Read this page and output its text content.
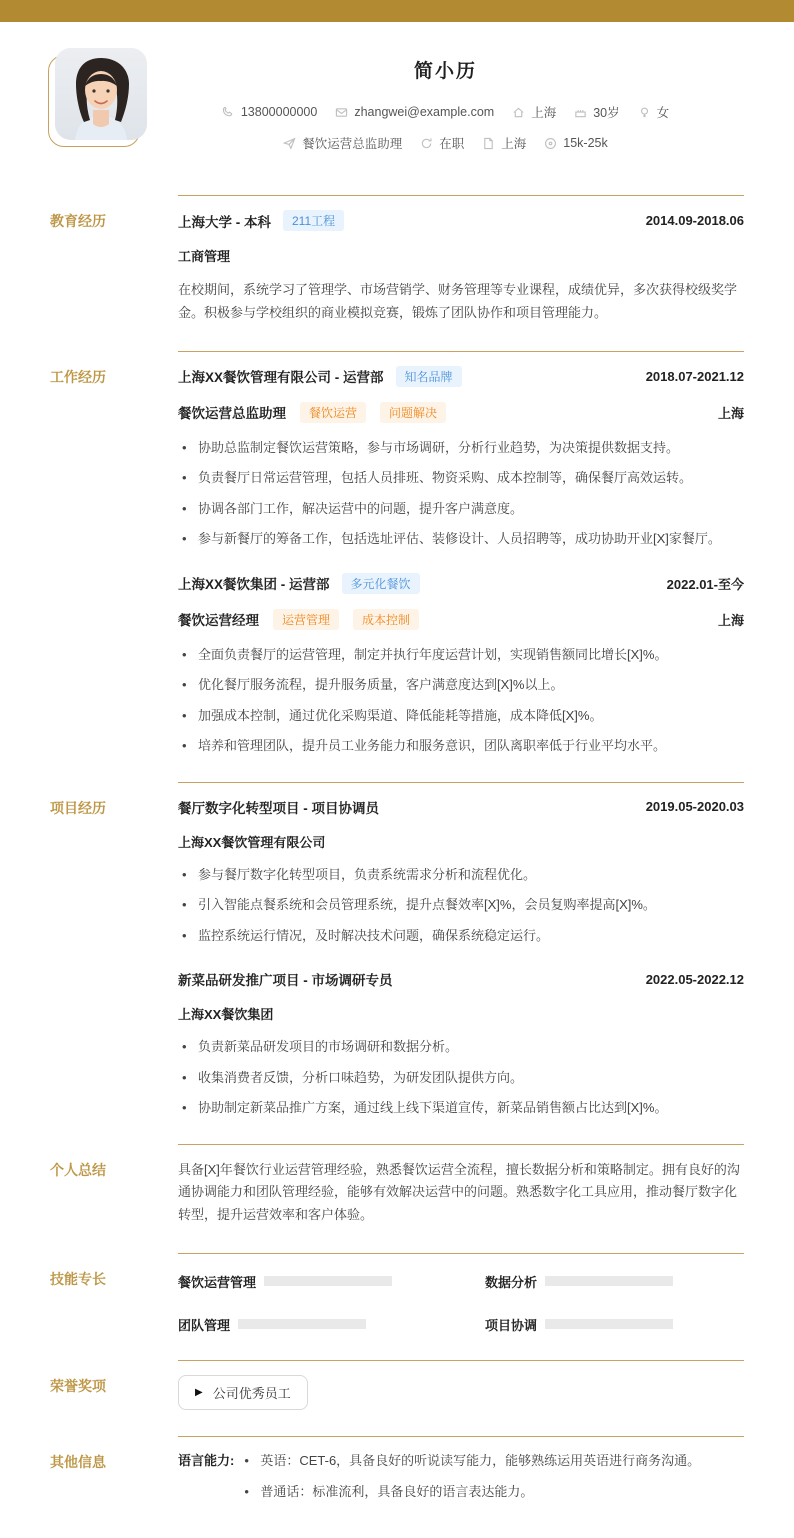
简小历
13800000000	zhangwei@example.com	上海	30岁	女
餐饮运营总监助理	在职	上海	15k-25k
教育经历	上海大学 - 本科	211工程	2014.09-2018.06
工商管理
在校期间，系统学习了管理学、市场营销学、财务管理等专业课程，成绩优异，多次获得校级奖学金。积极参与学校组织的商业模拟竞赛，锻炼了团队协作和项目管理能力。
工作经历	上海XX餐饮管理有限公司 - 运营部	知名品牌	2018.07-2021.12
餐饮运营总监助理	餐饮运营	问题解决	上海
• 协助总监制定餐饮运营策略，参与市场调研，分析行业趋势，为决策提供数据支持。
• 负责餐厅日常运营管理，包括人员排班、物资采购、成本控制等，确保餐厅高效运转。
• 协调各部门工作，解决运营中的问题，提升客户满意度。
• 参与新餐厅的筹备工作，包括选址评估、装修设计、人员招聘等，成功协助开业[X]家餐厅。
上海XX餐饮集团 - 运营部	多元化餐饮	2022.01-至今
餐饮运营经理	运营管理	成本控制	上海
• 全面负责餐厅的运营管理，制定并执行年度运营计划，实现销售额同比增长[X]%。
• 优化餐厅服务流程，提升服务质量，客户满意度达到[X]%以上。
• 加强成本控制，通过优化采购渠道、降低能耗等措施，成本降低[X]%。
• 培养和管理团队，提升员工业务能力和服务意识，团队离职率低于行业平均水平。
项目经历	餐厅数字化转型项目 - 项目协调员	2019.05-2020.03
上海XX餐饮管理有限公司
• 参与餐厅数字化转型项目，负责系统需求分析和流程优化。
• 引入智能点餐系统和会员管理系统，提升点餐效率[X]%，会员复购率提高[X]%。
• 监控系统运行情况，及时解决技术问题，确保系统稳定运行。
新菜品研发推广项目 - 市场调研专员	2022.05-2022.12
上海XX餐饮集团
• 负责新菜品研发项目的市场调研和数据分析。
• 收集消费者反馈，分析口味趋势，为研发团队提供方向。
• 协助制定新菜品推广方案，通过线上线下渠道宣传，新菜品销售额占比达到[X]%。
个人总结	具备[X]年餐饮行业运营管理经验，熟悉餐饮运营全流程，擅长数据分析和策略制定。拥有良好的沟通协调能力和团队管理经验，能够有效解决运营中的问题。熟悉数字化工具应用，推动餐厅数字化转型，提升运营效率和客户体验。
技能专长	餐饮运营管理	数据分析
团队管理	项目协调
荣誉奖项	▶ 公司优秀员工
其他信息	语言能力:	• 英语：CET-6，具备良好的听说读写能力，能够熟练运用英语进行商务沟通。
• 普通话：标准流利，具备良好的语言表达能力。
